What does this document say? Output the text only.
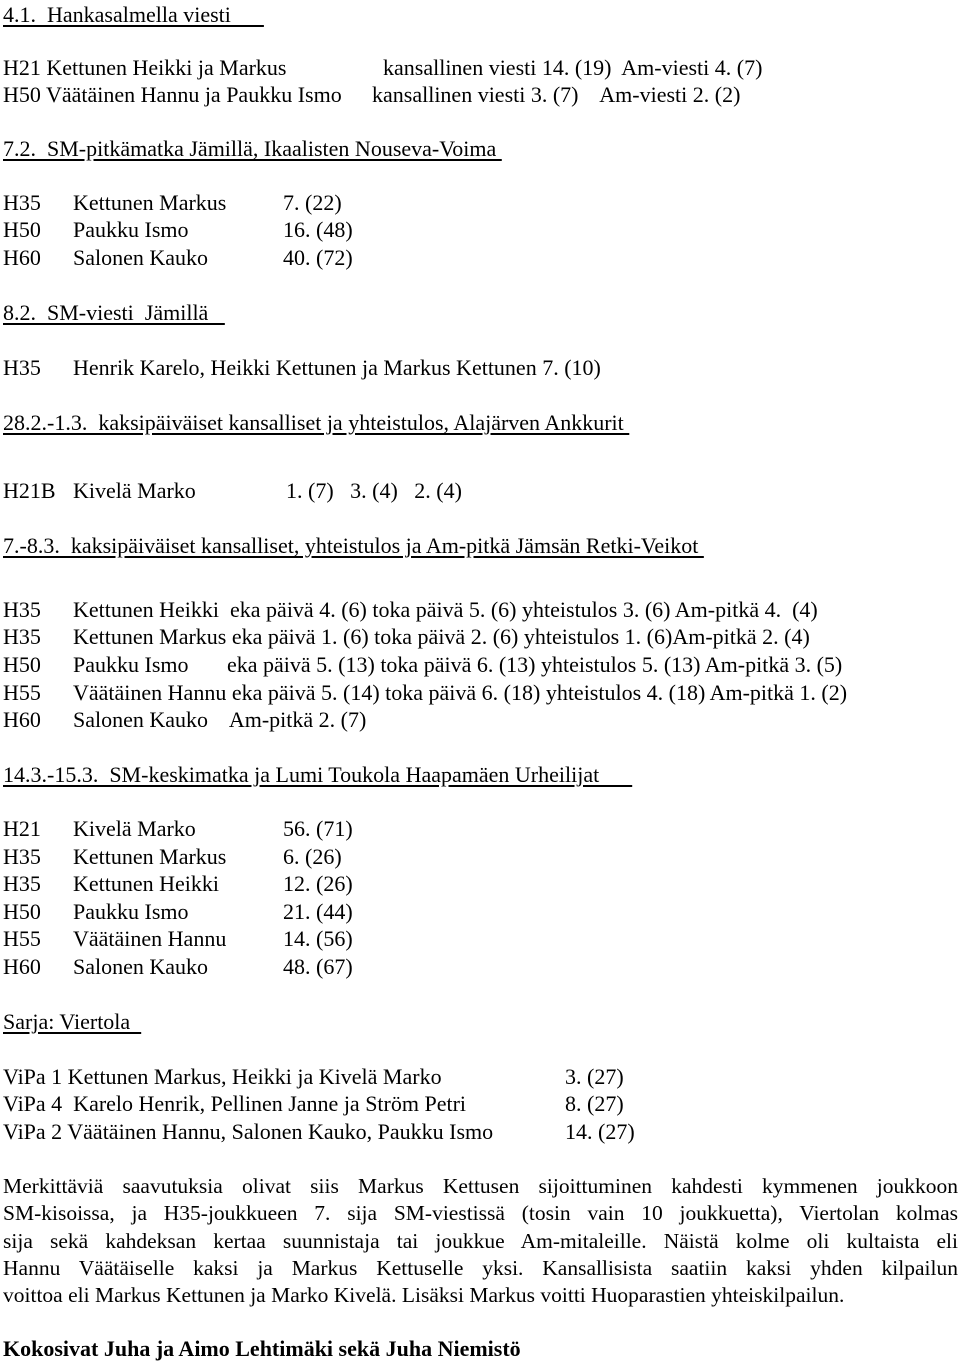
4.1.  Hankasalmella viesti
H21 Kettunen Heikki ja Markus	kansallinen viesti 14. (19)  Am-viesti 4. (7)
H50 Väätäinen Hannu ja Paukku Ismo kansallinen viesti 3. (7)    Am-viesti 2. (2)
7.2.  SM-pitkämatka Jämillä, Ikaalisten Nouseva-Voima
H35 Kettunen Markus	7. (22)
H50 Paukku Ismo	16. (48)
H60 Salonen Kauko	40. (72)
8.2.  SM-viesti  Jämillä
H35 Henrik Karelo, Heikki Kettunen ja Markus Kettunen 7. (10)
28.2.-1.3.  kaksipäiväiset kansalliset ja yhteistulos, Alajärven Ankkurit
H21B Kivelä Marko	1. (7)   3. (4)   2. (4)
7.-8.3.  kaksipäiväiset kansalliset, yhteistulos ja Am-pitkä Jämsän Retki-Veikot
H35 Kettunen Heikki  eka päivä 4. (6) toka päivä 5. (6) yhteistulos 3. (6) Am-pitkä 4.  (4)
H35 Kettunen Markus eka päivä 1. (6) toka päivä 2. (6) yhteistulos 1. (6)Am-pitkä 2. (4)
H50 Paukku Ismo       eka päivä 5. (13) toka päivä 6. (13) yhteistulos 5. (13) Am-pitkä 3. (5)
H55 Väätäinen Hannu eka päivä 5. (14) toka päivä 6. (18) yhteistulos 4. (18) Am-pitkä 1. (2)
H60 Salonen Kauko    Am-pitkä 2. (7)
14.3.-15.3.  SM-keskimatka ja Lumi Toukola Haapamäen Urheilijat
H21 Kivelä Marko	56. (71)
H35 Kettunen Markus	6. (26)
H35 Kettunen Heikki	12. (26)
H50 Paukku Ismo	21. (44)
H55 Väätäinen Hannu	14. (56)
H60 Salonen Kauko	48. (67)
Sarja: Viertola
ViPa 1 Kettunen Markus, Heikki ja Kivelä Marko	3. (27)
ViPa 4  Karelo Henrik, Pellinen Janne ja Ström Petri	8. (27)
ViPa 2 Väätäinen Hannu, Salonen Kauko, Paukku Ismo	14. (27)
Merkittäviä saavutuksia olivat siis Markus Kettusen sijoittuminen kahdesti kymmenen joukkoon
SM-kisoissa, ja H35-joukkueen 7. sija SM-viestissä (tosin vain 10 joukkuetta), Viertolan kolmas
sija sekä kahdeksan kertaa suunnistaja tai joukkue Am-mitaleille. Näistä kolme oli kultaista eli
Hannu Väätäiselle kaksi ja Markus Kettuselle yksi. Kansallisista saatiin kaksi yhden kilpailun
voittoa eli Markus Kettunen ja Marko Kivelä. Lisäksi Markus voitti Huoparastien yhteiskilpailun.
Kokosivat Juha ja Aimo Lehtimäki sekä Juha Niemistö
